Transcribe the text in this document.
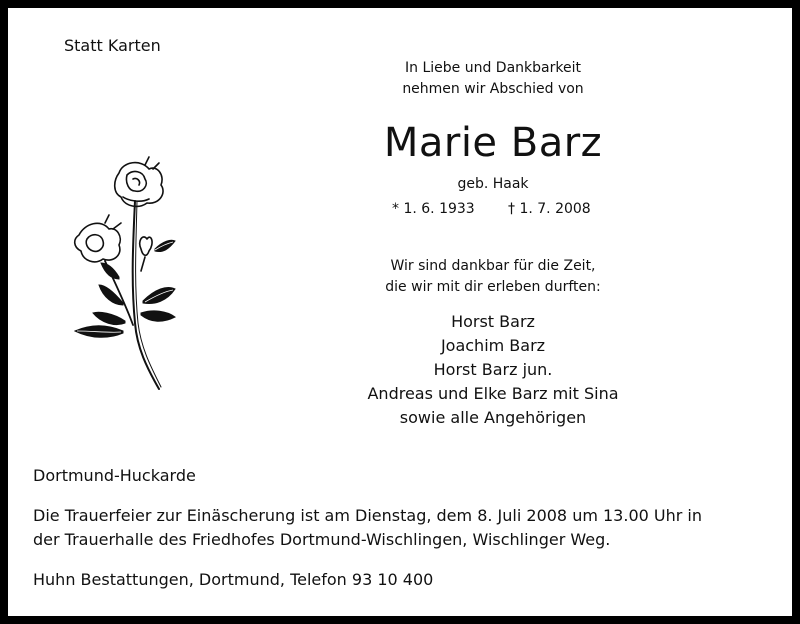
Statt Karten
In Liebe und Dankbarkeit
nehmen wir Abschied von
Marie Barz
geb. Haak
* 1. 6. 1933 † 1. 7. 2008
Wir sind dankbar für die Zeit,
die wir mit dir erleben durften:
Horst Barz
Joachim Barz
Horst Barz jun.
Andreas und Elke Barz mit Sina
sowie alle Angehörigen
Dortmund-Huckarde
Die Trauerfeier zur Einäscherung ist am Dienstag, dem 8. Juli 2008 um 13.00 Uhr in
der Trauerhalle des Friedhofes Dortmund-Wischlingen, Wischlinger Weg.
Huhn Bestattungen, Dortmund, Telefon 93 10 400
